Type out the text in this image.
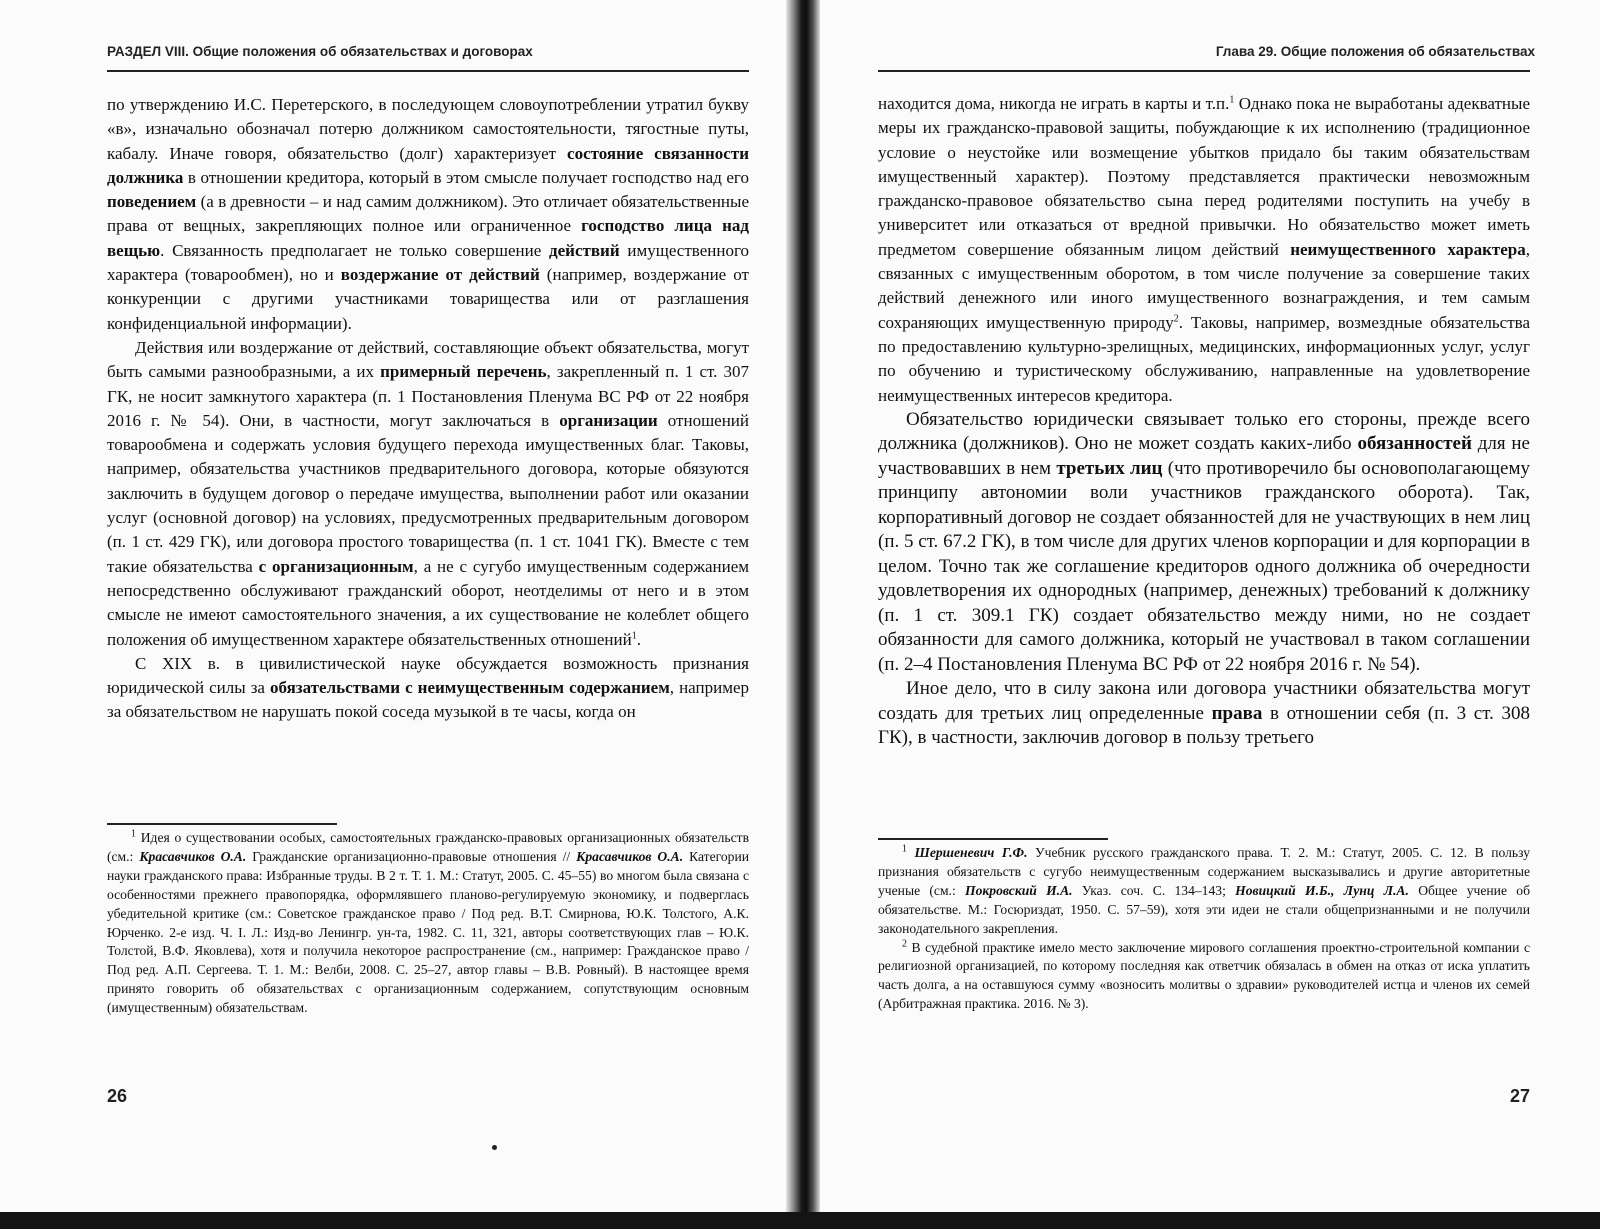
РАЗДЕЛ VIII. Общие положения об обязательствах и договорах

по утверждению И.С. Перетерского, в последующем словоупотреблении утратил букву «в», изначально обозначал потерю должником самостоятельности, тягостные путы, кабалу. Иначе говоря, обязательство (долг) характеризует состояние связанности должника в отношении кредитора, который в этом смысле получает господство над его поведением (а в древности – и над самим должником). Это отличает обязательственные права от вещных, закрепляющих полное или ограниченное господство лица над вещью. Связанность предполагает не только совершение действий имущественного характера (товарообмен), но и воздержание от действий (например, воздержание от конкуренции с другими участниками товарищества или от разглашения конфиденциальной информации).

Действия или воздержание от действий, составляющие объект обязательства, могут быть самыми разнообразными, а их примерный перечень, закрепленный п. 1 ст. 307 ГК, не носит замкнутого характера (п. 1 Постановления Пленума ВС РФ от 22 ноября 2016 г. № 54). Они, в частности, могут заключаться в организации отношений товарообмена и содержать условия будущего перехода имущественных благ. Таковы, например, обязательства участников предварительного договора, которые обязуются заключить в будущем договор о передаче имущества, выполнении работ или оказании услуг (основной договор) на условиях, предусмотренных предварительным договором (п. 1 ст. 429 ГК), или договора простого товарищества (п. 1 ст. 1041 ГК). Вместе с тем такие обязательства с организационным, а не с сугубо имущественным содержанием непосредственно обслуживают гражданский оборот, неотделимы от него и в этом смысле не имеют самостоятельного значения, а их существование не колеблет общего положения об имущественном характере обязательственных отношений$^1$.

С XIX в. в цивилистической науке обсуждается возможность признания юридической силы за обязательствами с неимущественным содержанием, например за обязательством не нарушать покой соседа музыкой в те часы, когда он

$^1$ Идея о существовании особых, самостоятельных гражданско-правовых организационных обязательств (см.: Красавчиков О.А. Гражданские организационно-правовые отношения // Красавчиков О.А. Категории науки гражданского права: Избранные труды. В 2 т. Т. 1. М.: Статут, 2005. С. 45–55) во многом была связана с особенностями прежнего правопорядка, оформлявшего планово-регулируемую экономику, и подверглась убедительной критике (см.: Советское гражданское право / Под ред. В.Т. Смирнова, Ю.К. Толстого, А.К. Юрченко. 2-е изд. Ч. I. Л.: Изд-во Ленингр. ун-та, 1982. С. 11, 321, авторы соответствующих глав – Ю.К. Толстой, В.Ф. Яковлева), хотя и получила некоторое распространение (см., например: Гражданское право / Под ред. А.П. Сергеева. Т. 1. М.: Велби, 2008. С. 25–27, автор главы – В.В. Ровный). В настоящее время принято говорить об обязательствах с организационным содержанием, сопутствующим основным (имущественным) обязательствам.

26
Глава 29. Общие положения об обязательствах

находится дома, никогда не играть в карты и т.п.$^1$ Однако пока не выработаны адекватные меры их гражданско-правовой защиты, побуждающие к их исполнению (традиционное условие о неустойке или возмещение убытков придало бы таким обязательствам имущественный характер). Поэтому представляется практически невозможным гражданско-правовое обязательство сына перед родителями поступить на учебу в университет или отказаться от вредной привычки. Но обязательство может иметь предметом совершение обязанным лицом действий неимущественного характера, связанных с имущественным оборотом, в том числе получение за совершение таких действий денежного или иного имущественного вознаграждения, и тем самым сохраняющих имущественную природу$^2$. Таковы, например, возмездные обязательства по предоставлению культурно-зрелищных, медицинских, информационных услуг, услуг по обучению и туристическому обслуживанию, направленные на удовлетворение неимущественных интересов кредитора.

Обязательство юридически связывает только его стороны, прежде всего должника (должников). Оно не может создать каких-либо обязанностей для не участвовавших в нем третьих лиц (что противоречило бы основополагающему принципу автономии воли участников гражданского оборота). Так, корпоративный договор не создает обязанностей для не участвующих в нем лиц (п. 5 ст. 67.2 ГК), в том числе для других членов корпорации и для корпорации в целом. Точно так же соглашение кредиторов одного должника об очередности удовлетворения их однородных (например, денежных) требований к должнику (п. 1 ст. 309.1 ГК) создает обязательство между ними, но не создает обязанности для самого должника, который не участвовал в таком соглашении (п. 2–4 Постановления Пленума ВС РФ от 22 ноября 2016 г. № 54).

Иное дело, что в силу закона или договора участники обязательства могут создать для третьих лиц определенные права в отношении себя (п. 3 ст. 308 ГК), в частности, заключив договор в пользу третьего

$^1$ Шершеневич Г.Ф. Учебник русского гражданского права. Т. 2. М.: Статут, 2005. С. 12. В пользу признания обязательств с сугубо неимущественным содержанием высказывались и другие авторитетные ученые (см.: Покровский И.А. Указ. соч. С. 134–143; Новицкий И.Б., Лунц Л.А. Общее учение об обязательстве. М.: Госюриздат, 1950. С. 57–59), хотя эти идеи не стали общепризнанными и не получили законодательного закрепления.

$^2$ В судебной практике имело место заключение мирового соглашения проектно-строительной компании с религиозной организацией, по которому последняя как ответчик обязалась в обмен на отказ от иска уплатить часть долга, а на оставшуюся сумму «возносить молитвы о здравии» руководителей истца и членов их семей (Арбитражная практика. 2016. № 3).

27
